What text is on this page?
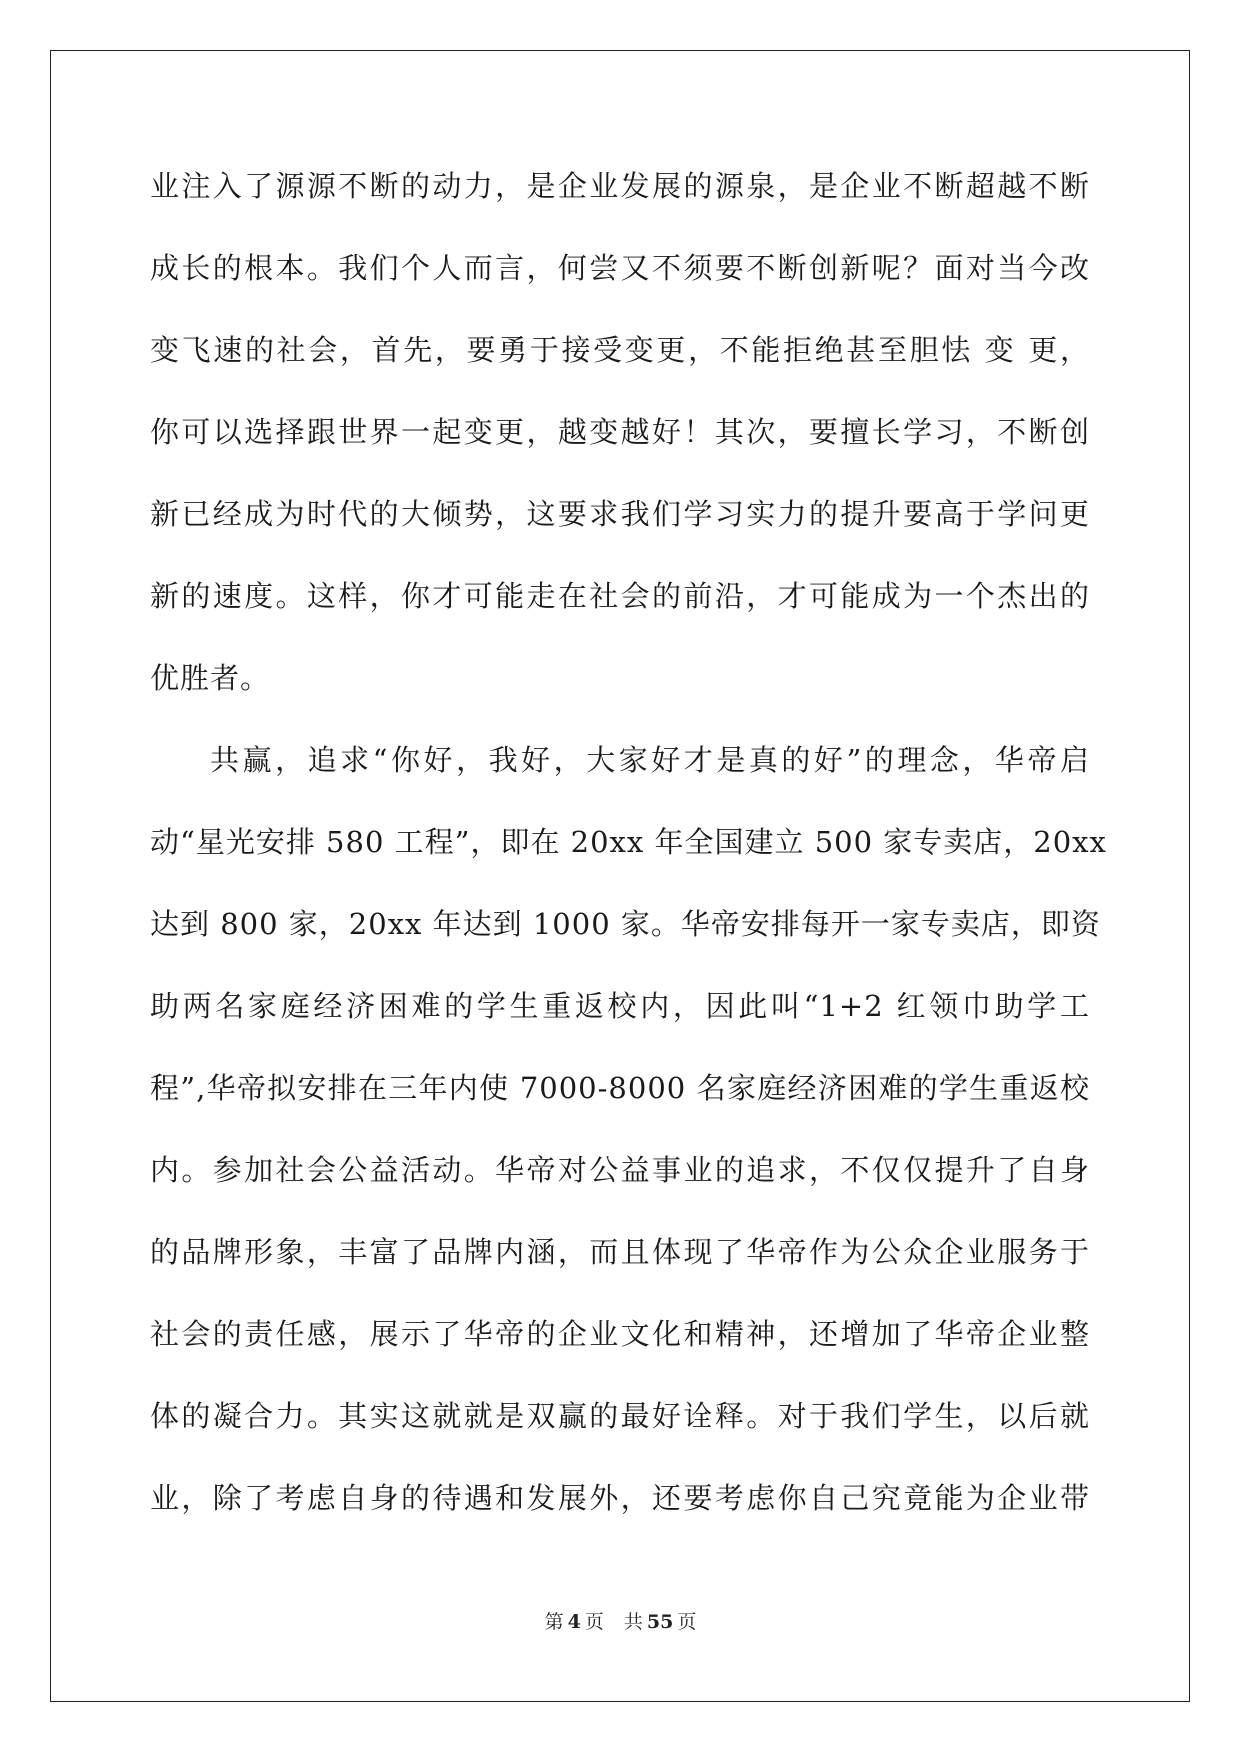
业注入了源源不断的动力，是企业发展的源泉，是企业不断超越不断
成长的根本。我们个人而言，何尝又不须要不断创新呢？面对当今改
变飞速的社会，首先，要勇于接受变更，不能拒绝甚至胆怯 变 更，
你可以选择跟世界一起变更，越变越好！其次，要擅长学习，不断创
新已经成为时代的大倾势，这要求我们学习实力的提升要高于学问更
新的速度。这样，你才可能走在社会的前沿，才可能成为一个杰出的
优胜者。
共赢，追求“你好，我好，大家好才是真的好”的理念，华帝启
动“星光安排 580 工程”，即在 20xx 年全国建立 500 家专卖店，20xx
达到 800 家，20xx 年达到 1000 家。华帝安排每开一家专卖店，即资
助两名家庭经济困难的学生重返校内，因此叫“1+2 红领巾助学工
程”,华帝拟安排在三年内使 7000-8000 名家庭经济困难的学生重返校
内。参加社会公益活动。华帝对公益事业的追求，不仅仅提升了自身
的品牌形象，丰富了品牌内涵，而且体现了华帝作为公众企业服务于
社会的责任感，展示了华帝的企业文化和精神，还增加了华帝企业整
体的凝合力。其实这就就是双赢的最好诠释。对于我们学生，以后就
业，除了考虑自身的待遇和发展外，还要考虑你自己究竟能为企业带
第 4 页 共 55 页
